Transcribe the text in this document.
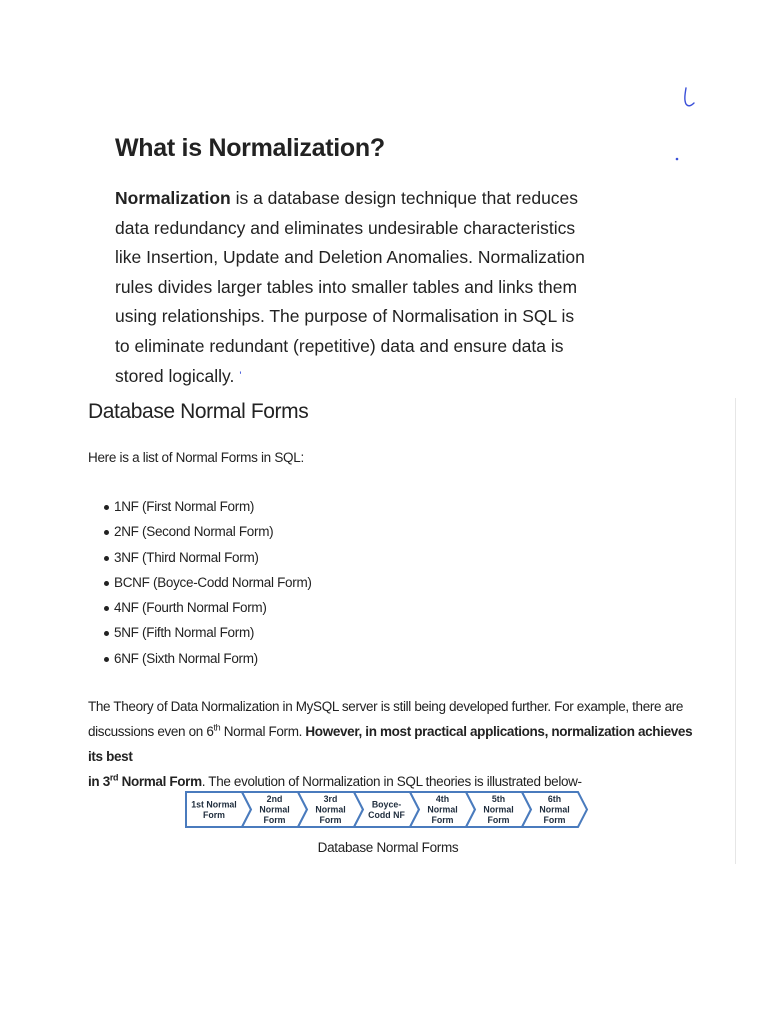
What is Normalization?
Normalization is a database design technique that reduces
data redundancy and eliminates undesirable characteristics
like Insertion, Update and Deletion Anomalies. Normalization
rules divides larger tables into smaller tables and links them
using relationships. The purpose of Normalisation in SQL is
to eliminate redundant (repetitive) data and ensure data is
stored logically. '
Database Normal Forms

Here is a list of Normal Forms in SQL:

1NF (First Normal Form)
2NF (Second Normal Form)
3NF (Third Normal Form)
BCNF (Boyce-Codd Normal Form)
4NF (Fourth Normal Form)
5NF (Fifth Normal Form)
6NF (Sixth Normal Form)
The Theory of Data Normalization in MySQL server is still being developed further. For example, there are
discussions even on 6th Normal Form. However, in most practical applications, normalization achieves its best
in 3rd Normal Form. The evolution of Normalization in SQL theories is illustrated below-
1st Normal
Form
2nd
Normal
Form
3rd
Normal
Form
Boyce-
Codd NF
4th
Normal
Form
5th
Normal
Form
6th
Normal
Form

Database Normal Forms
